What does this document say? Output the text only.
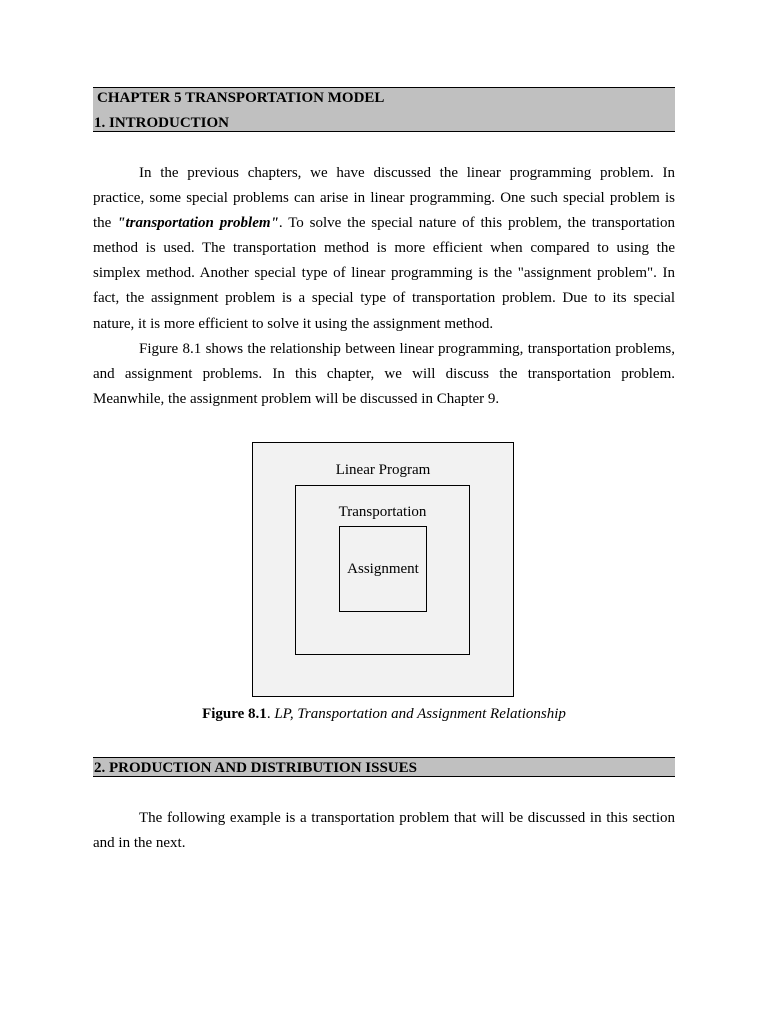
CHAPTER 5 TRANSPORTATION MODEL
1. INTRODUCTION

In the previous chapters, we have discussed the linear programming problem. In practice, some special problems can arise in linear programming. One such special problem is the "transportation problem". To solve the special nature of this problem, the transportation method is used. The transportation method is more efficient when compared to using the simplex method. Another special type of linear programming is the "assignment problem". In fact, the assignment problem is a special type of transportation problem. Due to its special nature, it is more efficient to solve it using the assignment method.

Figure 8.1 shows the relationship between linear programming, transportation problems, and assignment problems. In this chapter, we will discuss the transportation problem. Meanwhile, the assignment problem will be discussed in Chapter 9.

Linear Program
Transportation
Assignment
Figure 8.1. LP, Transportation and Assignment Relationship
2. PRODUCTION AND DISTRIBUTION ISSUES

The following example is a transportation problem that will be discussed in this section and in the next.
